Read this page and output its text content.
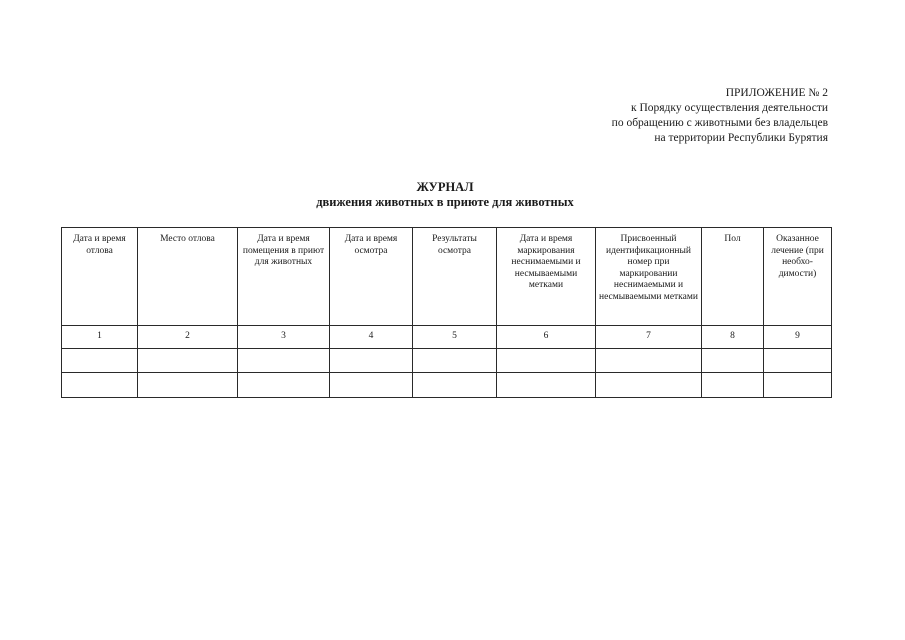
ПРИЛОЖЕНИЕ № 2
к Порядку осуществления деятельности
по обращению с животными без владельцев
на территории Республики Бурятия
ЖУРНАЛ
движения животных в приюте для животных
Дата и время отлова	Место отлова	Дата и время помещения в приют для животных	Дата и время осмотра	Результаты осмотра	Дата и время маркирования неснимаемыми и несмываемыми метками	Присвоенный идентификационный номер при маркировании неснимаемыми и несмываемыми метками	Пол	Оказанное лечение (при необхо-димости)
1	2	3	4	5	6	7	8	9
